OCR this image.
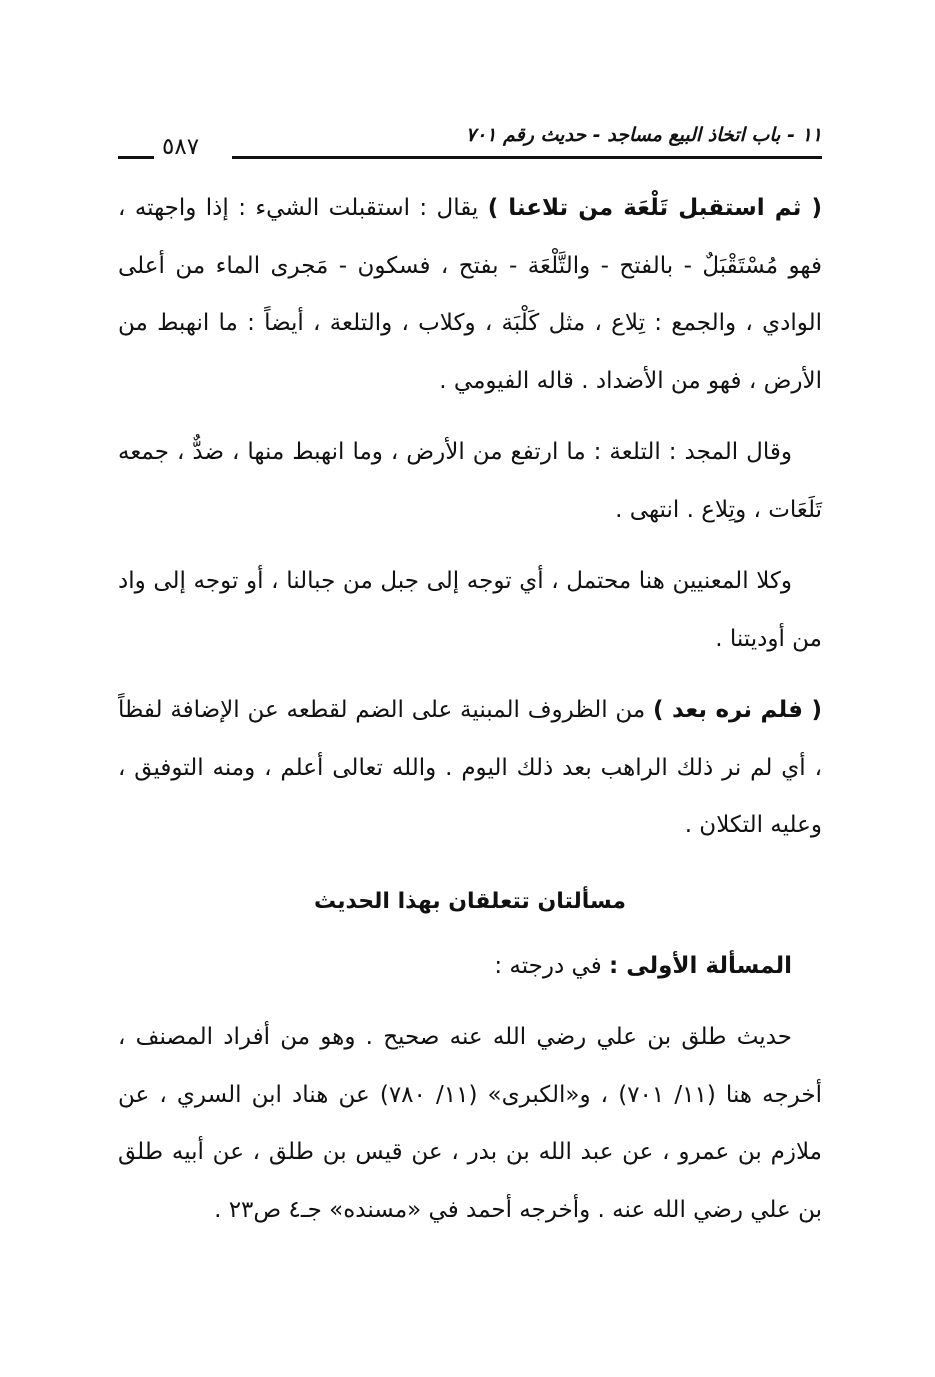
١١ - باب اتخاذ البيع مساجد - حديث رقم ٧٠١
٥٨٧

( ثم استقبل تَلْعَة من تلاعنا ) يقال : استقبلت الشيء : إذا واجهته ، فهو مُسْتَقْبَلٌ - بالفتح - والتَّلْعَة - بفتح ، فسكون - مَجرى الماء من أعلى الوادي ، والجمع : تِلاع ، مثل كَلْبَة ، وكلاب ، والتلعة ، أيضاً : ما انهبط من الأرض ، فهو من الأضداد . قاله الفيومي .

وقال المجد : التلعة : ما ارتفع من الأرض ، وما انهبط منها ، ضدٌّ ، جمعه تَلَعَات ، وتِلاع . انتهى .

وكلا المعنيين هنا محتمل ، أي توجه إلى جبل من جبالنا ، أو توجه إلى واد من أوديتنا .

( فلم نره بعد ) من الظروف المبنية على الضم لقطعه عن الإضافة لفظاً ، أي لم نر ذلك الراهب بعد ذلك اليوم . والله تعالى أعلم ، ومنه التوفيق ، وعليه التكلان .

مسألتان تتعلقان بهذا الحديث

المسألة الأولى : في درجته :

حديث طلق بن علي رضي الله عنه صحيح . وهو من أفراد المصنف ، أخرجه هنا (١١/ ٧٠١) ، و«الكبرى» (١١/ ٧٨٠) عن هناد ابن السري ، عن ملازم بن عمرو ، عن عبد الله بن بدر ، عن قيس بن طلق ، عن أبيه طلق بن علي رضي الله عنه . وأخرجه أحمد في «مسنده» جـ٤ ص٢٣ .
